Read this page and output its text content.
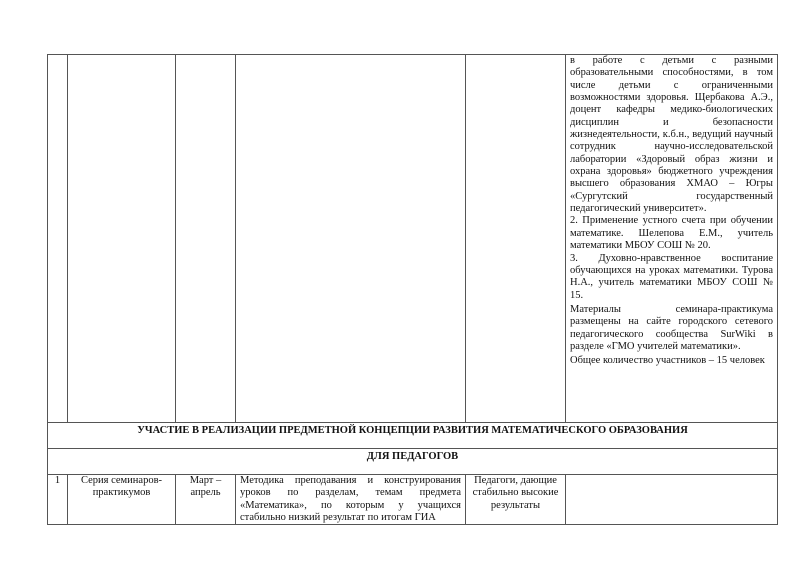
					в работе с детьми с разными образовательными способностями, в том числе детьми с ограниченными возможностями здоровья. Щербакова А.Э., доцент кафедры медико-биологических дисциплин и безопасности жизнедеятельности, к.б.н., ведущий научный сотрудник научно-исследовательской лаборатории «Здоровый образ жизни и охрана здоровья» бюджетного учреждения высшего образования ХМАО – Югры «Сургутский государственный педагогический университет».

2. Применение устного счета при обучении математике. Шелепова Е.М., учитель математики МБОУ СОШ № 20.

3. Духовно-нравственное воспитание обучающихся на уроках математики. Турова Н.А., учитель математики МБОУ СОШ № 15.

Материалы семинара-практикума размещены на сайте городского сетевого педагогического сообщества SurWiki в разделе «ГМО учителей математики».

Общее количество участников – 15 человек

УЧАСТИЕ В РЕАЛИЗАЦИИ ПРЕДМЕТНОЙ КОНЦЕПЦИИ РАЗВИТИЯ МАТЕМАТИЧЕСКОГО ОБРАЗОВАНИЯ					
ДЛЯ ПЕДАГОГОВ					
1	Серия семинаров-практикумов	Март – апрель	Методика преподавания и конструирования уроков по разделам, темам предмета «Математика», по которым у учащихся стабильно низкий результат по итогам ГИА	Педагоги, дающие стабильно высокие результаты	
